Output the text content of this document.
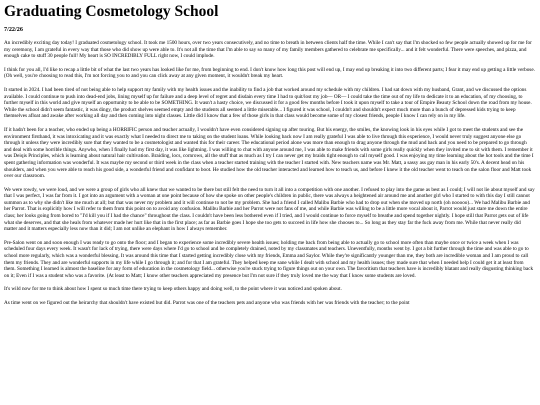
Graduating Cosmetology School
7/22/26

An incredibly exciting day today! I graduated cosmetology school. It took me 1500 hours, over two years consecutively, and no time to breath in between clients half the time. While I can't say that I'm shocked so few people actually showed up for me for my ceremony, I am grateful in every way that those who did show up were able to. It's not all the time that I'm able to say so many of my family members gathered to celebrate me specifically... and it felt wonderful. There were speeches, and pizza, and enough cake to stuff 30 people full! My heart is SO INCREDIBLY FULL right now, I could implode.

I think for you all, I'd like to recap a little bit of what the last two years has looked like for me, from beginning to end. I don't know how long this post will end up, I may end up breaking it into two different parts; I fear it may end up getting a little verbose. (Oh well, you're choosing to read this, I'm not forcing you to and you can click away at any given moment, it wouldn't break my heart.

It started in 2024. I had been tired of not being able to help support my family with my health issues and the inability to find a job that worked around my schedule with my children. I had sat down with my husband, Grant, and we discussed the options available. I could continue to push into dead-end jobs, lining myself up for failure and a deep level of regret and disdain every time I had to quit/lost my job— OR— I could take the time out of my life to dedicate it to an education, of my choosing, to further myself in this world and give myself an opportunity to be able to be SOMETHING. It wasn't a hasty choice, we discussed it for a good few months before I took it upon myself to take a tour of Empire Beauty School down the road from my house. While the school didn't seem fantastic, it was dingy, the product shelves seemed empty and the students all seemed a little miserable... I figured it was school, I couldn't and shouldn't expect much more than a bunch of depressed kids trying to keep themselves afloat and awake after working all day and then coming into night classes. Little did I know that a few of those girls in that class would become some of my closest friends, people I know I can rely on in my life.

If it hadn't been for a teacher, who ended up being a HORRIFIC person and teacher actually, I wouldn't have even considered signing up after touring. But his energy, the smiles, the knowing look in his eyes while I got to meet the students and see the environment firsthand, it was intoxicating and it was exactly what I needed to direct me to taking on the student loans. While looking back now I am really grateful I was able to live through this experience, I would never truly suggest anyone else go through it unless they were incredibly sure that they wanted to be a cosmetologist and wanted this for their career. The educational period alone was more than enough to drag anyone through the mud and back and you need to be prepared to go through and deal with some horrible things. Anywho, when I finally had my first day, it was like lightning. I was willing to chat with anyone around me, I was able to make friends with some girls really quickly when they invited me to sit with them. I remember it was Deiqis Principles, which is learning about natural hair cultivation. Braiding, locs, cornrows, all the stuff that as much as I try I can never get my braids tight enough to call myself good. I was enjoying my time learning about the hot tools and the time I spent gathering information was wonderful. It was maybe my second or third week in the class when a teacher started training with the teacher I started with. New teachers name was Mr. Matt, a sassy ass gay man in his early 50's. A decent head on his shoulders, and when you were able to reach his good side, a wonderful friend and confidant to boot. He studied how the old teacher interacted and learned how to teach us, and before I knew it the old teacher went to teach on the salon floor and Matt took over our classroom.

We were rowdy, we were loud, and we were a group of girls who all knew that we wanted to be there but still felt the need to turn it all into a competition with one another. I refused to play into the game as best as I could; I will not lie about myself and say that I was perfect, I was far from it. I got into an argument with a woman at one point because of how she spoke on other people's children in public, there was always a heightened air around me and another girl who I started to with this day I still cannot summon as to why she didn't like me much at all; but that was never my problem and it will continue to not be my problem. She had a friend I called Malibu Barbie who had to drop out when she moved up north (oh nooooo)... We had Malibu Barbie and her Parrot. That is explicitly how I will refer to them from this point on to avoid any confusion. Malibu Barbie and her Parrot were not fans of me, and while Barbie was willing to be a little more vocal about it, Parrot would just stare me down the entire class; her looks going from bored to "I'd kill you if I had the chance" throughout the class. I couldn't have been less bothered even if I tried, and I would continue to force myself to breathe and spend together nightly. I hope still that Parrot gets out of life what she deserves, and that she heals from whatever made her hurt like that in the first place; as far as Barbie goes I hope she too gets to succeed in life how she chooses to... So long as they stay far the fuck away from me. While that never really did matter and it matters especially less now than it did; I am not unlike an elephant in how I always remember.

Pre-Salon went on and soon enough I was ready to go onto the floor; and I began to experience some incredibly severe health issues; holding me back from being able to actually go to school more often than maybe once or twice a week when I was scheduled four days every week. It wasn't for lack of trying, there were days where I'd go to school and be completely drained, noted by my classmates and teachers. Uneventfully, months went by. I got a bit further through the time and was able to go to school more regularly, which was a wonderful blessing. It was around this time that I started getting incredibly close with my friends, Emma and Saylor. While they're significantly younger than me, they both are incredible woman and I am proud to call them my friends. They and are wonderful supports in my life while I go through it; and for that I am grateful. They helped keep me sane while I dealt with school and my health issues; they made sure that when I needed help I could get it at least from them. Something I learned is almost the baseline for any form of education in the cosmetology field... otherwise you're stuck trying to figure things out on your own. The favoritism that teachers have is incredibly blatant and really disgusting thinking back on it; Even if I was a student who was a favorite. (At least to Matt; I know other teachers appreciated my presence but I'm not sure if they truly loved me the way that I know some students are loved.

It's wild now for me to think about how I spent so much time there trying to keep others happy and doing well, to the point where it was noticed and spoken about.

As time went on we figured out the heirarchy that shouldn't have existed but did. Parrot was one of the teachers pets and anyone who was friends with her was friends with the teacher; to the point
